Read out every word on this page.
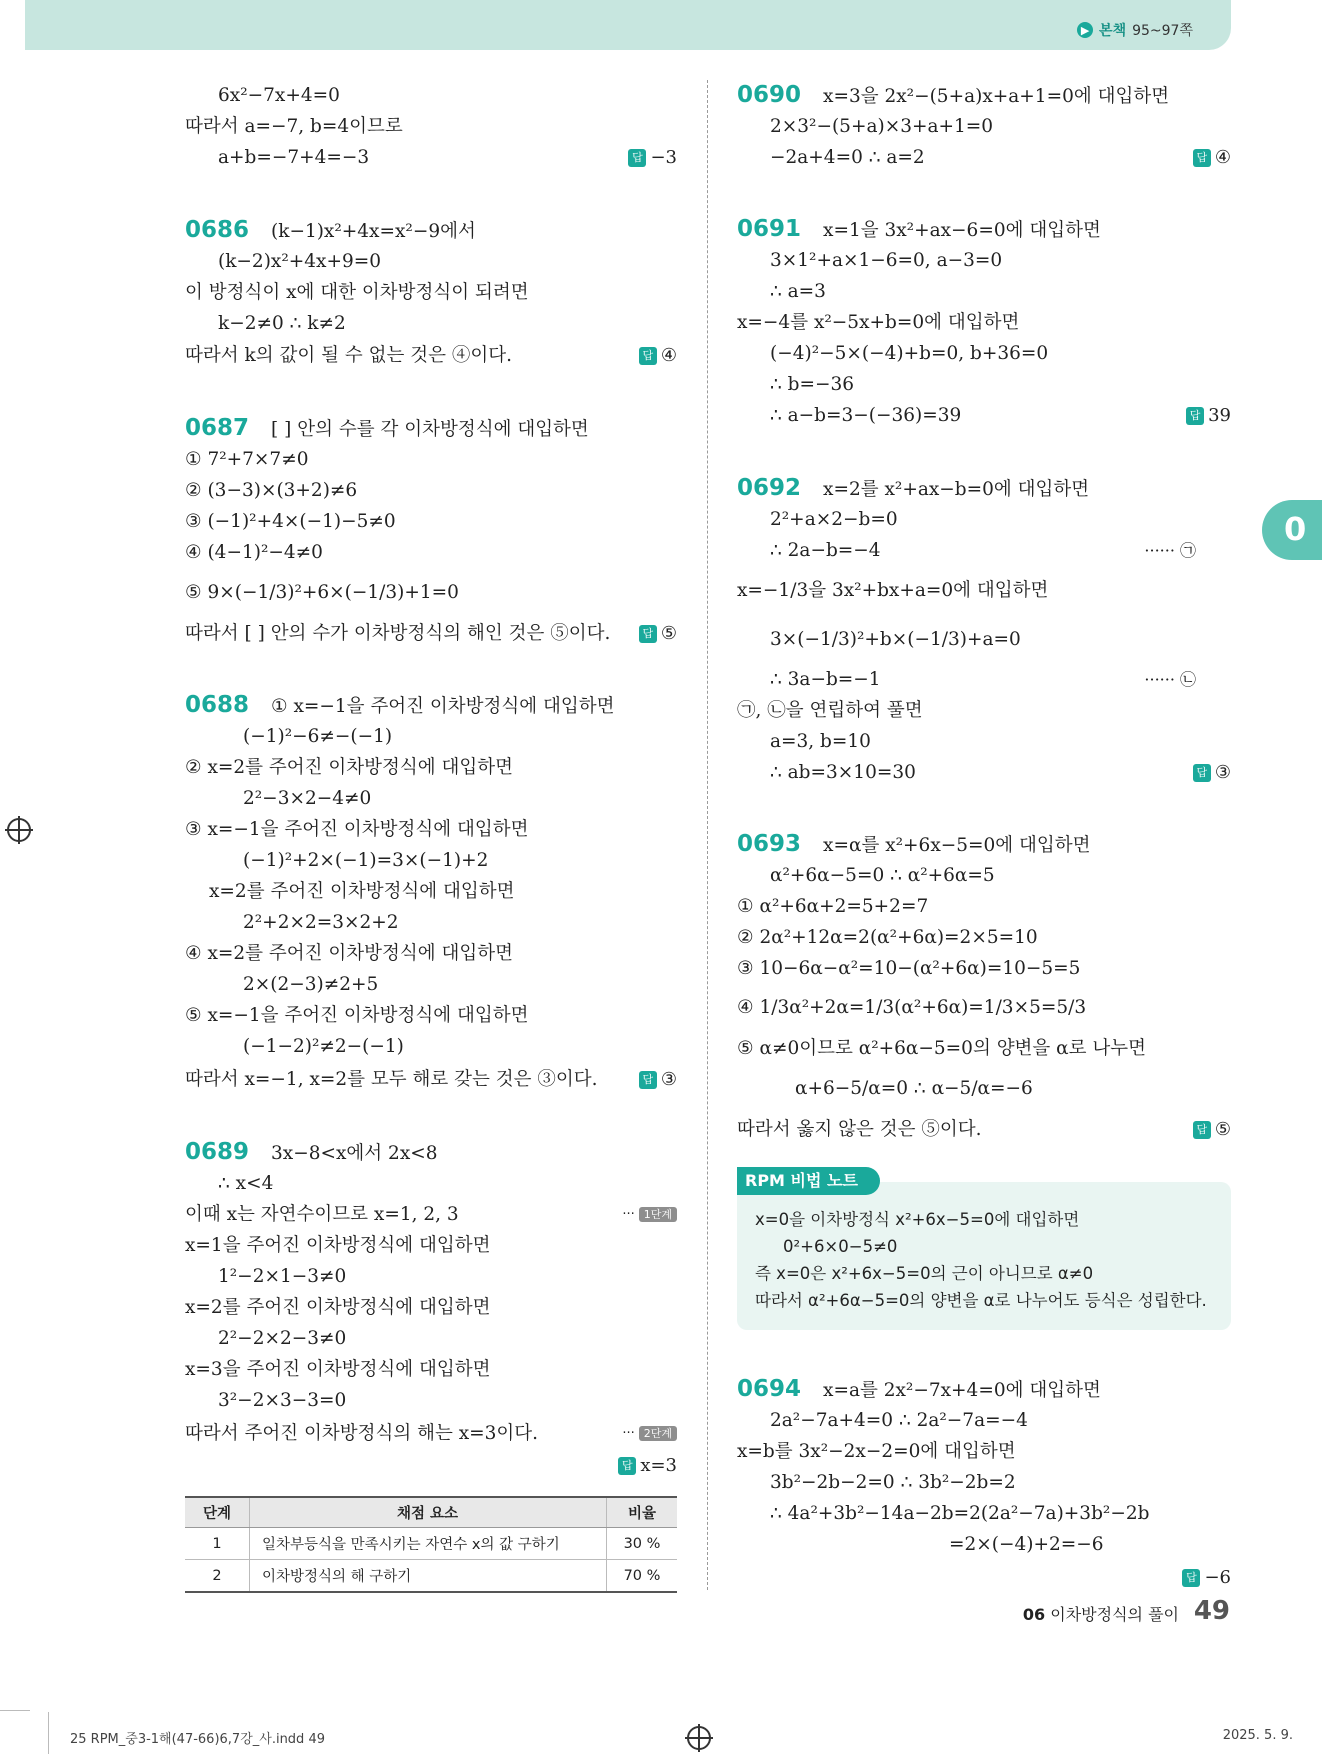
▶ 본책 95~97쪽
6x²−7x+4=0
따라서 a=−7, b=4이므로
a+b=−7+4=−3	답 −3
0686 (k−1)x²+4x=x²−9에서
(k−2)x²+4x+9=0
이 방정식이 x에 대한 이차방정식이 되려면
k−2≠0 ∴ k≠2
따라서 k의 값이 될 수 없는 것은 ④이다.	답 ④
0687 [ ] 안의 수를 각 이차방정식에 대입하면
① 7²+7×7≠0
② (3−3)×(3+2)≠6
③ (−1)²+4×(−1)−5≠0
④ (4−1)²−4≠0
⑤ 9×(−1/3)²+6×(−1/3)+1=0
따라서 [ ] 안의 수가 이차방정식의 해인 것은 ⑤이다.	답 ⑤
0688 ① x=−1을 주어진 이차방정식에 대입하면
(−1)²−6≠−(−1)
② x=2를 주어진 이차방정식에 대입하면
2²−3×2−4≠0
③ x=−1을 주어진 이차방정식에 대입하면
(−1)²+2×(−1)=3×(−1)+2
x=2를 주어진 이차방정식에 대입하면
2²+2×2=3×2+2
④ x=2를 주어진 이차방정식에 대입하면
2×(2−3)≠2+5
⑤ x=−1을 주어진 이차방정식에 대입하면
(−1−2)²≠2−(−1)
따라서 x=−1, x=2를 모두 해로 갖는 것은 ③이다.	답 ③
0689 3x−8<x에서 2x<8
∴ x<4
이때 x는 자연수이므로 x=1, 2, 3	··· 1단계
x=1을 주어진 이차방정식에 대입하면
1²−2×1−3≠0
x=2를 주어진 이차방정식에 대입하면
2²−2×2−3≠0
x=3을 주어진 이차방정식에 대입하면
3²−2×3−3=0
따라서 주어진 이차방정식의 해는 x=3이다.	··· 2단계
답 x=3
단계	채점 요소	비율
1	일차부등식을 만족시키는 자연수 x의 값 구하기	30 %
2	이차방정식의 해 구하기	70 %
0690 x=3을 2x²−(5+a)x+a+1=0에 대입하면
2×3²−(5+a)×3+a+1=0
−2a+4=0 ∴ a=2	답 ④
0691 x=1을 3x²+ax−6=0에 대입하면
3×1²+a×1−6=0, a−3=0
∴ a=3
x=−4를 x²−5x+b=0에 대입하면
(−4)²−5×(−4)+b=0, b+36=0
∴ b=−36
∴ a−b=3−(−36)=39	답 39
0692 x=2를 x²+ax−b=0에 대입하면
2²+a×2−b=0
∴ 2a−b=−4	······ ㉠
x=−1/3을 3x²+bx+a=0에 대입하면
3×(−1/3)²+b×(−1/3)+a=0
∴ 3a−b=−1	······ ㉡
㉠, ㉡을 연립하여 풀면
a=3, b=10
∴ ab=3×10=30	답 ③
0693 x=α를 x²+6x−5=0에 대입하면
α²+6α−5=0 ∴ α²+6α=5
① α²+6α+2=5+2=7
② 2α²+12α=2(α²+6α)=2×5=10
③ 10−6α−α²=10−(α²+6α)=10−5=5
④ 1/3α²+2α=1/3(α²+6α)=1/3×5=5/3
⑤ α≠0이므로 α²+6α−5=0의 양변을 α로 나누면
α+6−5/α=0 ∴ α−5/α=−6
따라서 옳지 않은 것은 ⑤이다.	답 ⑤
0694 x=a를 2x²−7x+4=0에 대입하면
2a²−7a+4=0 ∴ 2a²−7a=−4
x=b를 3x²−2x−2=0에 대입하면
3b²−2b−2=0 ∴ 3b²−2b=2
∴ 4a²+3b²−14a−2b=2(2a²−7a)+3b²−2b
=2×(−4)+2=−6
답 −6
x=0을 이차방정식 x²+6x−5=0에 대입하면
0²+6×0−5≠0
즉 x=0은 x²+6x−5=0의 근이 아니므로 α≠0
따라서 α²+6α−5=0의 양변을 α로 나누어도 등식은 성립한다.
RPM 비법 노트
0
06 이차방정식의 풀이 49
25 RPM_중3-1해(47-66)6,7강_사.indd 49	2025. 5. 9.
